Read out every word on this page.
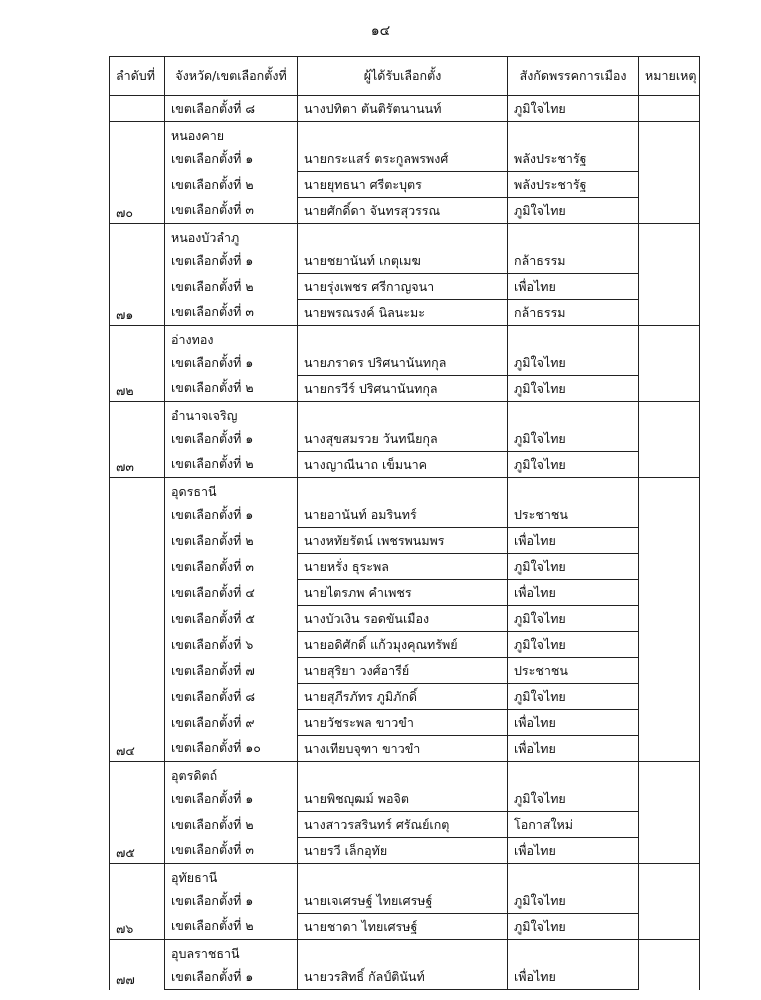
๑๔
ลำดับที่	จังหวัด/เขตเลือกตั้งที่	ผู้ได้รับเลือกตั้ง	สังกัดพรรคการเมือง	หมายเหตุ
	เขตเลือกตั้งที่ ๘	นางปทิตา ตันติรัตนานนท์	ภูมิใจไทย	
๗๐	หนองคาย			
	เขตเลือกตั้งที่ ๑	นายกระแสร์ ตระกูลพรพงศ์	พลังประชารัฐ	
	เขตเลือกตั้งที่ ๒	นายยุทธนา ศรีตะบุตร	พลังประชารัฐ	
	เขตเลือกตั้งที่ ๓	นายศักดิ์ดา จันทรสุวรรณ	ภูมิใจไทย	
๗๑	หนองบัวลำภู			
	เขตเลือกตั้งที่ ๑	นายชยานันท์ เกตุเมฆ	กล้าธรรม	
	เขตเลือกตั้งที่ ๒	นายรุ่งเพชร ศรีกาญจนา	เพื่อไทย	
	เขตเลือกตั้งที่ ๓	นายพรณรงค์ นิลนะมะ	กล้าธรรม	
๗๒	อ่างทอง			
	เขตเลือกตั้งที่ ๑	นายภราดร ปริศนานันทกุล	ภูมิใจไทย	
	เขตเลือกตั้งที่ ๒	นายกรวีร์ ปริศนานันทกุล	ภูมิใจไทย	
๗๓	อำนาจเจริญ			
	เขตเลือกตั้งที่ ๑	นางสุขสมรวย วันทนียกุล	ภูมิใจไทย	
	เขตเลือกตั้งที่ ๒	นางญาณีนาถ เข็มนาค	ภูมิใจไทย	
๗๔	อุดรธานี			
	เขตเลือกตั้งที่ ๑	นายอานันท์ อมรินทร์	ประชาชน	
	เขตเลือกตั้งที่ ๒	นางหทัยรัตน์ เพชรพนมพร	เพื่อไทย	
	เขตเลือกตั้งที่ ๓	นายหรั่ง ธุระพล	ภูมิใจไทย	
	เขตเลือกตั้งที่ ๔	นายไตรภพ คำเพชร	เพื่อไทย	
	เขตเลือกตั้งที่ ๕	นางบัวเงิน รอดขันเมือง	ภูมิใจไทย	
	เขตเลือกตั้งที่ ๖	นายอดิศักดิ์ แก้วมุงคุณทรัพย์	ภูมิใจไทย	
	เขตเลือกตั้งที่ ๗	นายสุริยา วงศ์อารีย์	ประชาชน	
	เขตเลือกตั้งที่ ๘	นายสุภีรภัทร ภูมิภักดิ์	ภูมิใจไทย	
	เขตเลือกตั้งที่ ๙	นายวัชระพล ขาวขำ	เพื่อไทย	
	เขตเลือกตั้งที่ ๑๐	นางเทียบจุฑา ขาวขำ	เพื่อไทย	
๗๕	อุตรดิตถ์			
	เขตเลือกตั้งที่ ๑	นายพิชญุฒม์ พอจิต	ภูมิใจไทย	
	เขตเลือกตั้งที่ ๒	นางสาวรสรินทร์ ศรัณย์เกตุ	โอกาสใหม่	
	เขตเลือกตั้งที่ ๓	นายรวี เล็กอุทัย	เพื่อไทย	
๗๖	อุทัยธานี			
	เขตเลือกตั้งที่ ๑	นายเจเศรษฐ์ ไทยเศรษฐ์	ภูมิใจไทย	
	เขตเลือกตั้งที่ ๒	นายชาดา ไทยเศรษฐ์	ภูมิใจไทย	
๗๗	อุบลราชธานี			
	เขตเลือกตั้งที่ ๑	นายวรสิทธิ์ กัลป์ตินันท์	เพื่อไทย	
